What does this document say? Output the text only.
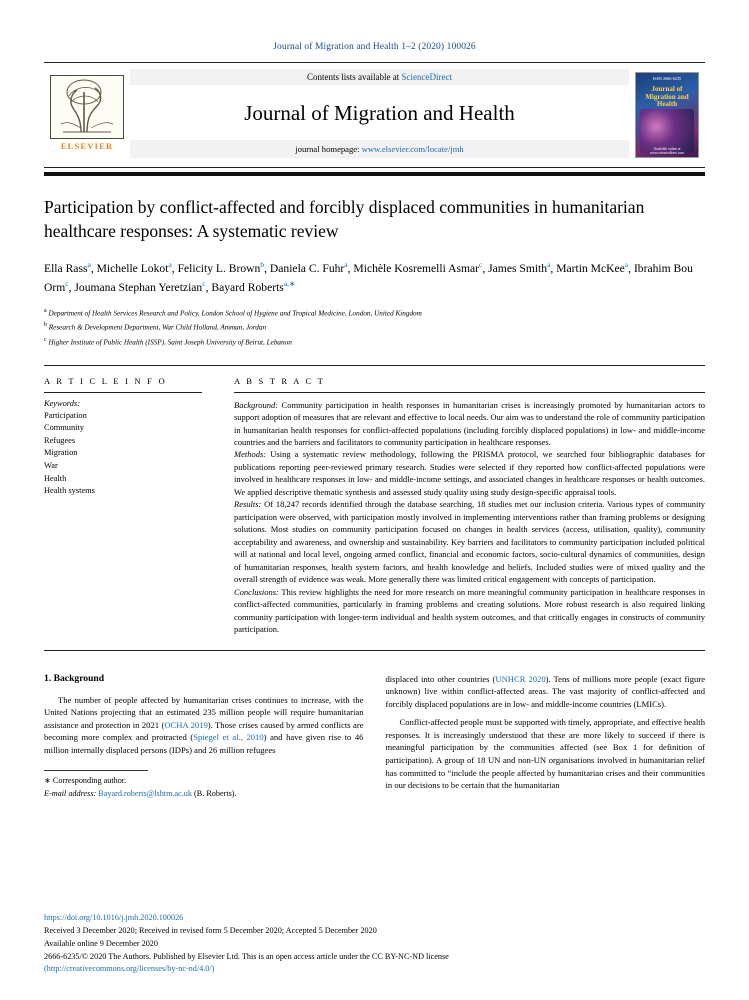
Journal of Migration and Health 1–2 (2020) 100026
ELSEVIER
Contents lists available at ScienceDirect
Journal of Migration and Health
journal homepage: www.elsevier.com/locate/jmh
ISSN 2666-6235
Journal of Migration and Health
Available online at www.sciencedirect.com
Participation by conflict-affected and forcibly displaced communities in humanitarian healthcare responses: A systematic review
Ella Rass$^a$, Michelle Lokot$^a$, Felicity L. Brown$^b$, Daniela C. Fuhr$^a$, Michèle Kosremelli Asmar$^c$, James Smith$^a$, Martin McKee$^a$, Ibrahim Bou Orm$^c$, Joumana Stephan Yeretzian$^c$, Bayard Roberts$^{a,∗}$
$^a$ Department of Health Services Research and Policy, London School of Hygiene and Tropical Medicine, London, United Kingdom
$^b$ Research & Development Department, War Child Holland, Amman, Jordan
$^c$ Higher Institute of Public Health (ISSP), Saint Joseph University of Beirut, Lebanon
A R T I C L E I N F O
Keywords:
Participation
Community
Refugees
Migration
War
Health
Health systems
A B S T R A C T

Background: Community participation in health responses in humanitarian crises is increasingly promoted by humanitarian actors to support adoption of measures that are relevant and effective to local needs. Our aim was to understand the role of community participation in humanitarian health responses for conflict-affected populations (including forcibly displaced populations) in low- and middle-income countries and the barriers and facilitators to community participation in healthcare responses.

Methods: Using a systematic review methodology, following the PRISMA protocol, we searched four bibliographic databases for publications reporting peer-reviewed primary research. Studies were selected if they reported how conflict-affected populations were involved in healthcare responses in low- and middle-income settings, and associated changes in healthcare responses or health outcomes. We applied descriptive thematic synthesis and assessed study quality using study design-specific appraisal tools.

Results: Of 18,247 records identified through the database searching, 18 studies met our inclusion criteria. Various types of community participation were observed, with participation mostly involved in implementing interventions rather than framing problems or designing solutions. Most studies on community participation focused on changes in health services (access, utilisation, quality), community acceptability and awareness, and ownership and sustainability. Key barriers and facilitators to community participation included political will at national and local level, ongoing armed conflict, financial and economic factors, socio-cultural dynamics of communities, design of humanitarian responses, health system factors, and health knowledge and beliefs. Included studies were of mixed quality and the overall strength of evidence was weak. More generally there was limited critical engagement with concepts of participation.

Conclusions: This review highlights the need for more research on more meaningful community participation in healthcare responses in conflict-affected communities, particularly in framing problems and creating solutions. More robust research is also required linking community participation with longer-term individual and health system outcomes, and that critically engages in constructs of community participation.

1. Background

The number of people affected by humanitarian crises continues to increase, with the United Nations projecting that an estimated 235 million people will require humanitarian assistance and protection in 2021 (OCHA 2019). Those crises caused by armed conflicts are becoming more complex and protracted (Spiegel et al., 2010) and have given rise to 46 million internally displaced persons (IDPs) and 26 million refugees

∗ Corresponding author.
E-mail address: Bayard.roberts@lshtm.ac.uk (B. Roberts).

displaced into other countries (UNHCR 2020). Tens of millions more people (exact figure unknown) live within conflict-affected areas. The vast majority of conflict-affected and forcibly displaced populations are in low- and middle-income countries (LMICs).

Conflict-affected people must be supported with timely, appropriate, and effective health responses. It is increasingly understood that these are more likely to succeed if there is meaningful participation by the communities affected (see Box 1 for definition of participation). A group of 18 UN and non-UN organisations involved in humanitarian relief has committed to “include the people affected by humanitarian crises and their communities in our decisions to be certain that the humanitarian

https://doi.org/10.1016/j.jmh.2020.100026
Received 3 December 2020; Received in revised form 5 December 2020; Accepted 5 December 2020
Available online 9 December 2020
2666-6235/© 2020 The Authors. Published by Elsevier Ltd. This is an open access article under the CC BY-NC-ND license
(http://creativecommons.org/licenses/by-nc-nd/4.0/)
